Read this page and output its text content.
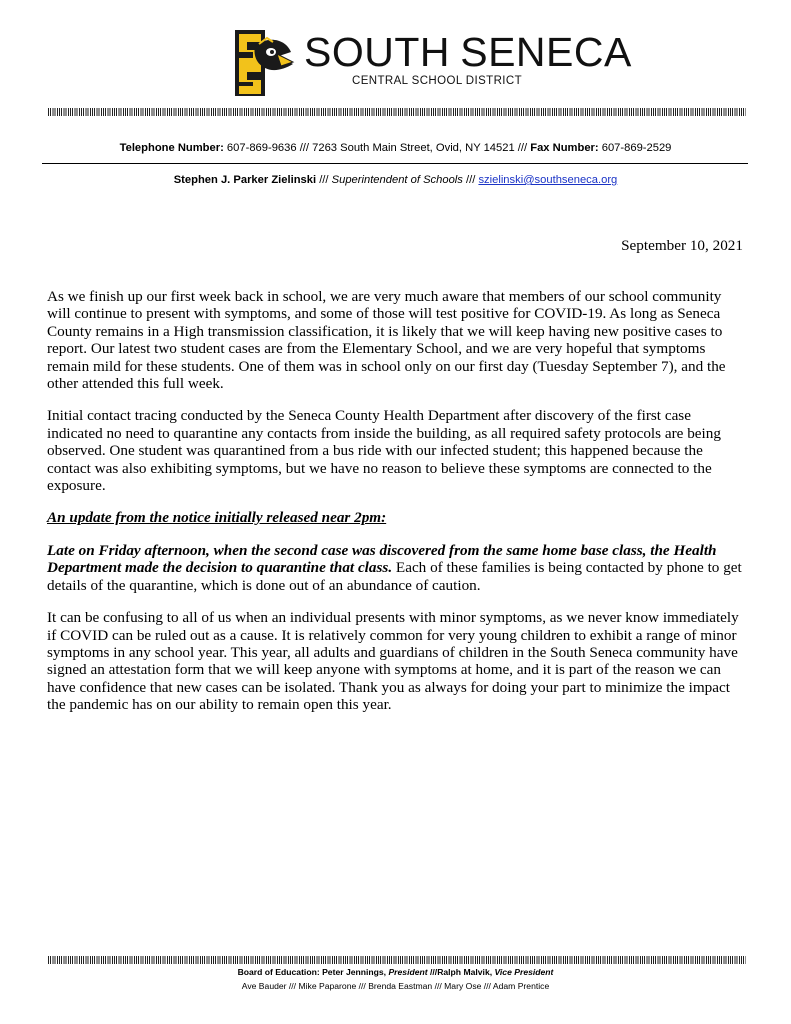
SOUTH SENECA
CENTRAL SCHOOL DISTRICT
Telephone Number: 607-869-9636 /// 7263 South Main Street, Ovid, NY 14521 /// Fax Number: 607-869-2529
Stephen J. Parker Zielinski /// Superintendent of Schools /// szielinski@southseneca.org
September 10, 2021

As we finish up our first week back in school, we are very much aware that members of our school community will continue to present with symptoms, and some of those will test positive for COVID-19. As long as Seneca County remains in a High transmission classification, it is likely that we will keep having new positive cases to report. Our latest two student cases are from the Elementary School, and we are very hopeful that symptoms remain mild for these students. One of them was in school only on our first day (Tuesday September 7), and the other attended this full week.

Initial contact tracing conducted by the Seneca County Health Department after discovery of the first case indicated no need to quarantine any contacts from inside the building, as all required safety protocols are being observed. One student was quarantined from a bus ride with our infected student; this happened because the contact was also exhibiting symptoms, but we have no reason to believe these symptoms are connected to the exposure.

An update from the notice initially released near 2pm:

Late on Friday afternoon, when the second case was discovered from the same home base class, the Health Department made the decision to quarantine that class. Each of these families is being contacted by phone to get details of the quarantine, which is done out of an abundance of caution.

It can be confusing to all of us when an individual presents with minor symptoms, as we never know immediately if COVID can be ruled out as a cause. It is relatively common for very young children to exhibit a range of minor symptoms in any school year. This year, all adults and guardians of children in the South Seneca community have signed an attestation form that we will keep anyone with symptoms at home, and it is part of the reason we can have confidence that new cases can be isolated. Thank you as always for doing your part to minimize the impact the pandemic has on our ability to remain open this year.

Board of Education: Peter Jennings, President ///Ralph Malvik, Vice President
Ave Bauder /// Mike Paparone /// Brenda Eastman /// Mary Ose /// Adam Prentice
